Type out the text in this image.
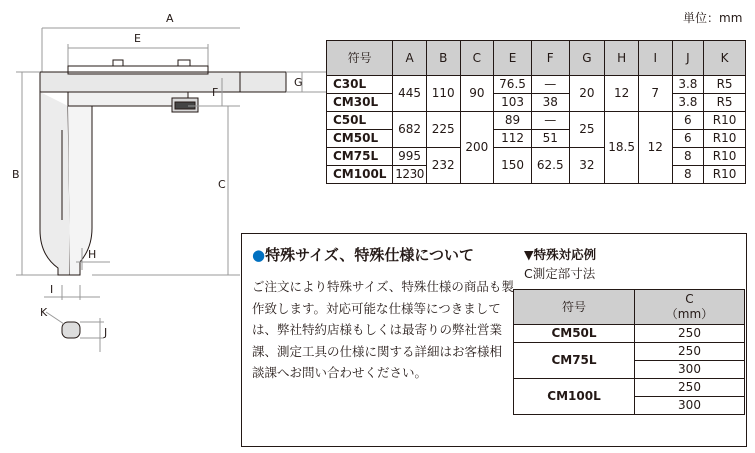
単位：mm
A
E
F
B
C
H
I
K
J
G
符号	A	B	C	E	F	G	H	I	J	K
C30L	445	110	90	76.5	—	20	12	7	3.8	R5
CM30L				103	38				3.8	R5
C50L	682	225	200	89	—	25	18.5	12	6	R10
CM50L				112	51				6	R10
CM75L	995	232		150	62.5	32			8	R10
CM100L	1230								8	R10
●特殊サイズ、特殊仕様について
ご注文により特殊サイズ、特殊仕様の商品も製作致します。対応可能な仕様等につきましては、弊社特約店様もしくは最寄りの弊社営業課、測定工具の仕様に関する詳細はお客様相談課へお問い合わせください。
▼特殊対応例
C測定部寸法
符号	C
（mm）
CM50L	250
CM75L	250
	300
CM100L	250
	300
